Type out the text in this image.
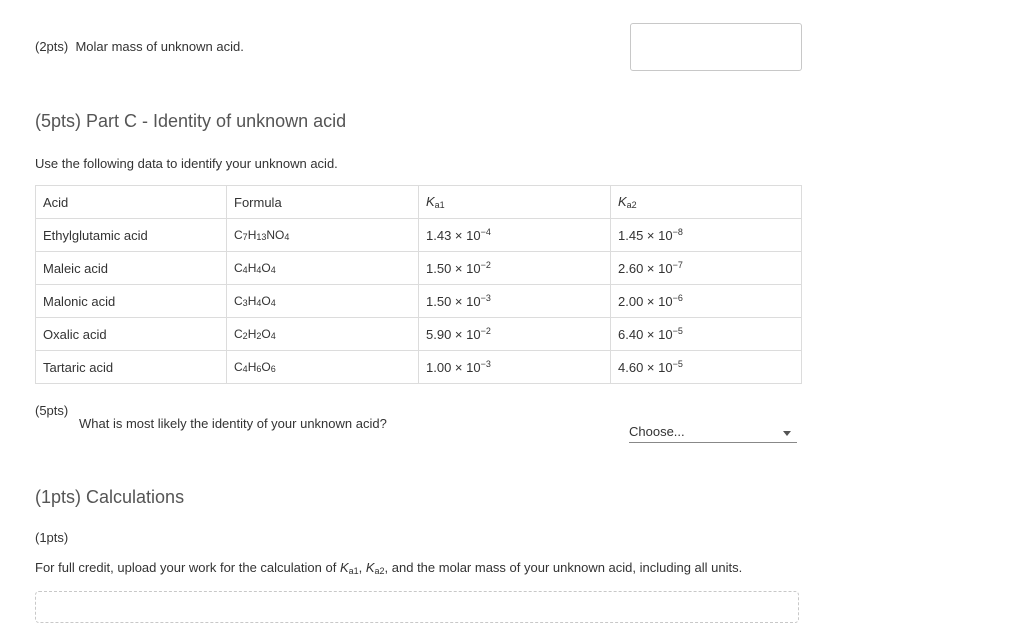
(2pts) Molar mass of unknown acid.
(5pts) Part C - Identity of unknown acid
Use the following data to identify your unknown acid.
Acid	Formula	Ka1	Ka2
Ethylglutamic acid	$C_7H_{13}NO_4$	$1.43 \times 10^{-4}$	$1.45 \times 10^{-8}$
Maleic acid	$C_4H_4O_4$	$1.50 \times 10^{-2}$	$2.60 \times 10^{-7}$
Malonic acid	$C_3H_4O_4$	$1.50 \times 10^{-3}$	$2.00 \times 10^{-6}$
Oxalic acid	$C_2H_2O_4$	$5.90 \times 10^{-2}$	$6.40 \times 10^{-5}$
Tartaric acid	$C_4H_6O_6$	$1.00 \times 10^{-3}$	$4.60 \times 10^{-5}$
(5pts)
What is most likely the identity of your unknown acid?
Choose...
(1pts) Calculations
(1pts)
For full credit, upload your work for the calculation of Ka1, Ka2, and the molar mass of your unknown acid, including all units.
